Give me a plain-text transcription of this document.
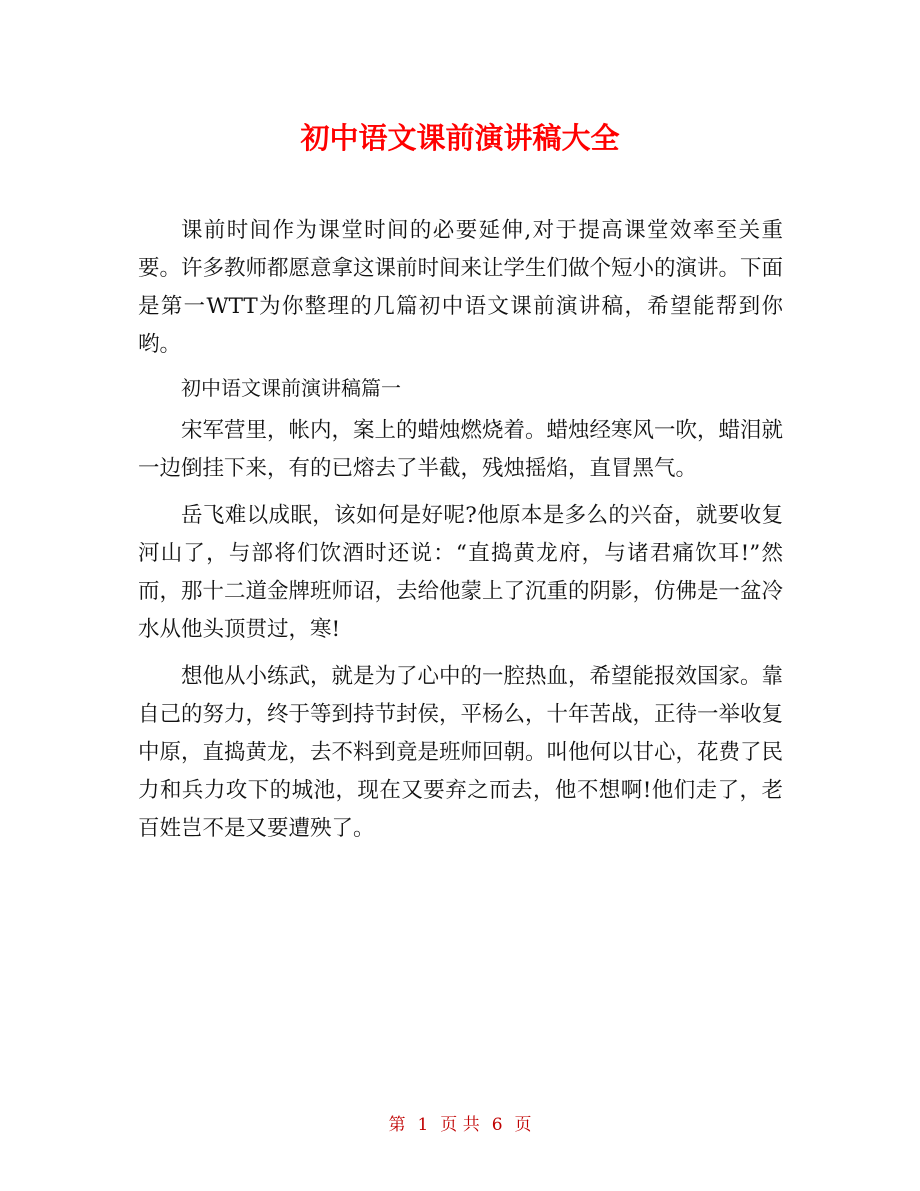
初中语文课前演讲稿大全

课前时间作为课堂时间的必要延伸,对于提高课堂效率至关重要。许多教师都愿意拿这课前时间来让学生们做个短小的演讲。下面是第一WTT为你整理的几篇初中语文课前演讲稿，希望能帮到你哟。

初中语文课前演讲稿篇一

宋军营里，帐内，案上的蜡烛燃烧着。蜡烛经寒风一吹，蜡泪就一边倒挂下来，有的已熔去了半截，残烛摇焰，直冒黑气。

岳飞难以成眠，该如何是好呢?他原本是多么的兴奋，就要收复河山了，与部将们饮酒时还说：“直捣黄龙府，与诸君痛饮耳!”然而，那十二道金牌班师诏，去给他蒙上了沉重的阴影，仿佛是一盆冷水从他头顶贯过，寒!

想他从小练武，就是为了心中的一腔热血，希望能报效国家。靠自己的努力，终于等到持节封侯，平杨么，十年苦战，正待一举收复中原，直捣黄龙，去不料到竟是班师回朝。叫他何以甘心，花费了民力和兵力攻下的城池，现在又要弃之而去，他不想啊!他们走了，老百姓岂不是又要遭殃了。

第 1 页 共 6 页
